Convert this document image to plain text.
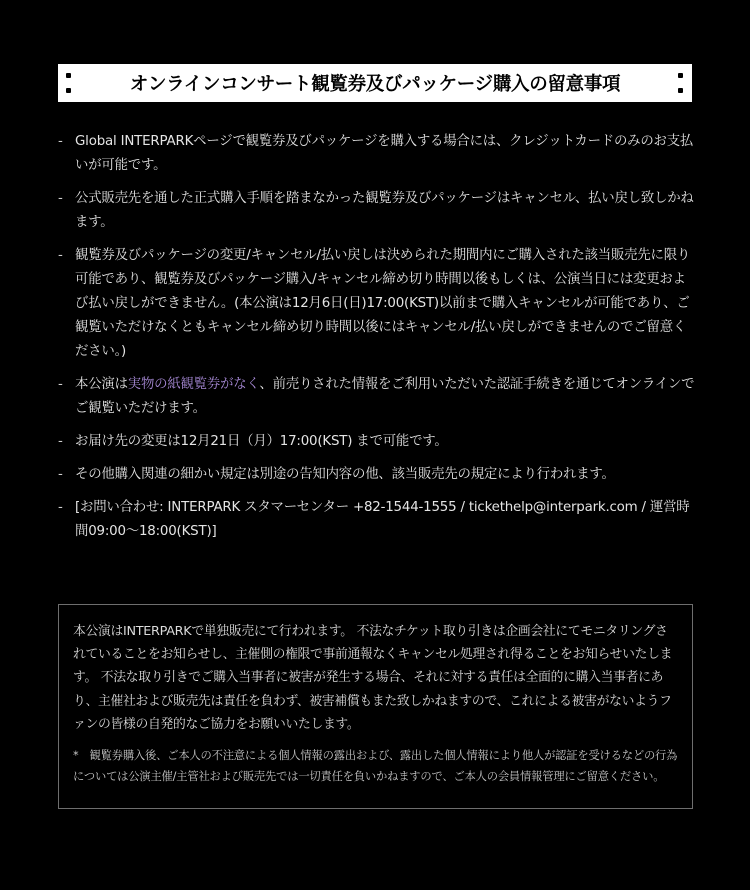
オンラインコンサート観覧券及びパッケージ購入の留意事項
- Global INTERPARKページで観覧券及びパッケージを購入する場合には、クレジットカードのみのお支払いが可能です。
- 公式販売先を通した正式購入手順を踏まなかった観覧券及びパッケージはキャンセル、払い戻し致しかねます。
- 観覧券及びパッケージの変更/キャンセル/払い戻しは決められた期間内にご購入された該当販売先に限り可能であり、観覧券及びパッケージ購入/キャンセル締め切り時間以後もしくは、公演当日には変更および払い戻しができません。(本公演は12月6日(日)17:00(KST)以前まで購入キャンセルが可能であり、ご観覧いただけなくともキャンセル締め切り時間以後にはキャンセル/払い戻しができませんのでご留意ください。)
- 本公演は実物の紙観覧券がなく、前売りされた情報をご利用いただいた認証手続きを通じてオンラインでご観覧いただけます。
- お届け先の変更は12月21日（月）17:00(KST) まで可能です。
- その他購入関連の細かい規定は別途の告知内容の他、該当販売先の規定により行われます。
- [お問い合わせ: INTERPARK スタマーセンター +82-1544-1555 / tickethelp@interpark.com / 運営時間09:00～18:00(KST)]

本公演はINTERPARKで単独販売にて行われます。 不法なチケット取り引きは企画会社にてモニタリングされていることをお知らせし、主催側の権限で事前通報なくキャンセル処理され得ることをお知らせいたします。 不法な取り引きでご購入当事者に被害が発生する場合、それに対する責任は全面的に購入当事者にあり、主催社および販売先は責任を負わず、被害補償もまた致しかねますので、これによる被害がないようファンの皆様の自発的なご協力をお願いいたします。

*　観覧券購入後、ご本人の不注意による個人情報の露出および、露出した個人情報により他人が認証を受けるなどの行為については公演主催/主管社および販売先では一切責任を負いかねますので、ご本人の会員情報管理にご留意ください。
